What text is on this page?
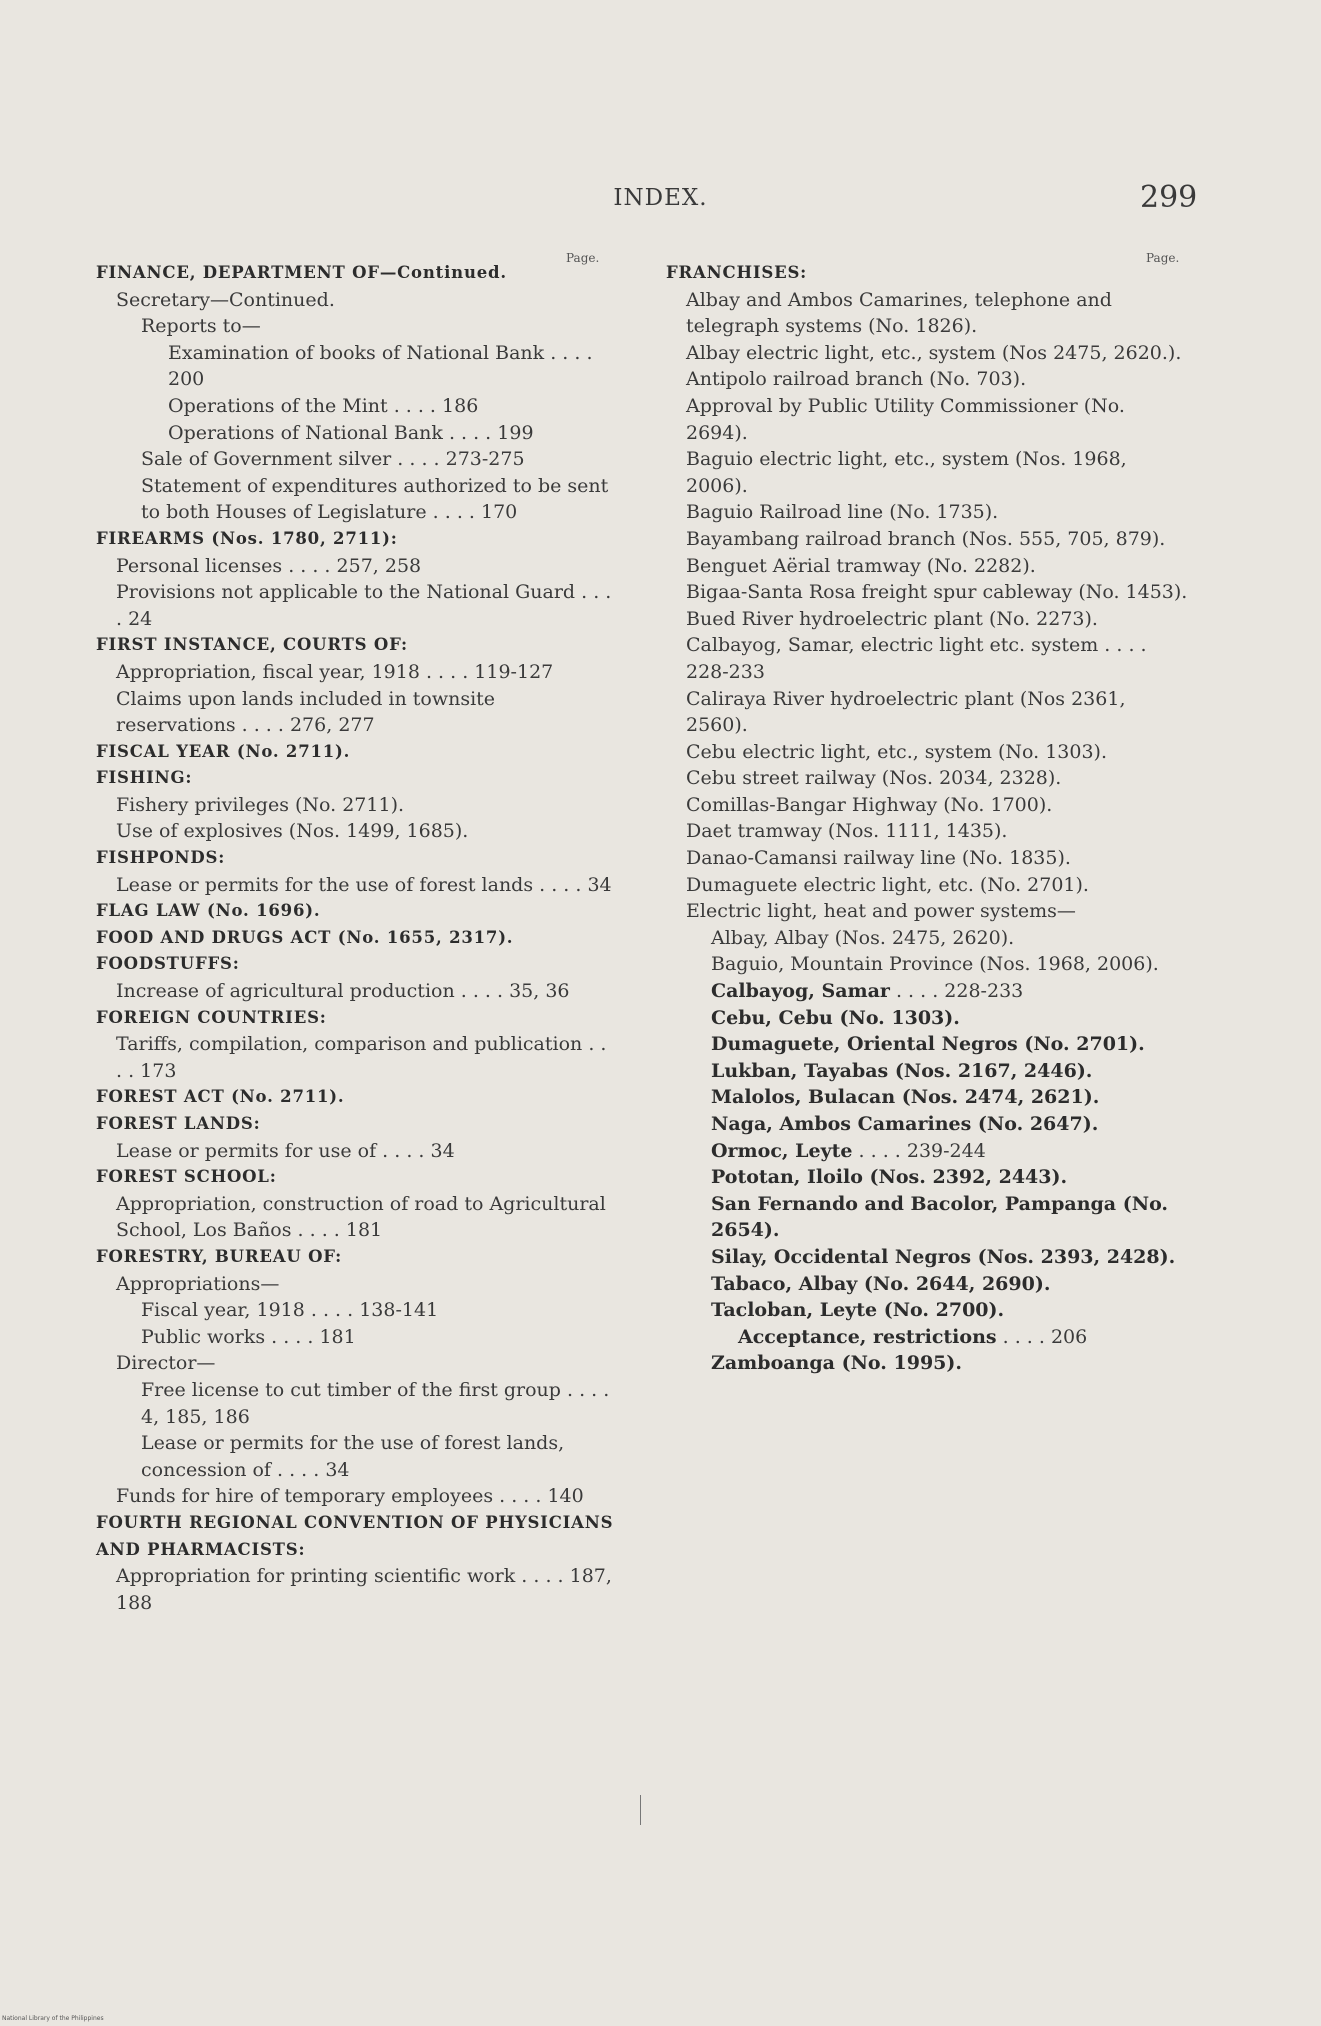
INDEX.	299
Page.
FINANCE, DEPARTMENT OF—Continued.
Secretary—Continued.
Reports to—
Examination of books of National Bank . . . . 200
Operations of the Mint . . . . 186
Operations of National Bank . . . . 199
Sale of Government silver . . . . 273-275
Statement of expenditures authorized to be sent to both Houses of Legislature . . . . 170
FIREARMS (Nos. 1780, 2711):
Personal licenses . . . . 257, 258
Provisions not applicable to the National Guard . . . . 24
FIRST INSTANCE, COURTS OF:
Appropriation, fiscal year, 1918 . . . . 119-127
Claims upon lands included in townsite reservations . . . . 276, 277
FISCAL YEAR (No. 2711).
FISHING:
Fishery privileges (No. 2711).
Use of explosives (Nos. 1499, 1685).
FISHPONDS:
Lease or permits for the use of forest lands . . . . 34
FLAG LAW (No. 1696).
FOOD AND DRUGS ACT (No. 1655, 2317).
FOODSTUFFS:
Increase of agricultural production . . . . 35, 36
FOREIGN COUNTRIES:
Tariffs, compilation, comparison and publication . . . . 173
FOREST ACT (No. 2711).
FOREST LANDS:
Lease or permits for use of . . . . 34
FOREST SCHOOL:
Appropriation, construction of road to Agricultural School, Los Baños . . . . 181
FORESTRY, BUREAU OF:
Appropriations—
Fiscal year, 1918 . . . . 138-141
Public works . . . . 181
Director—
Free license to cut timber of the first group . . . . 4, 185, 186
Lease or permits for the use of forest lands, concession of . . . . 34
Funds for hire of temporary employees . . . . 140
FOURTH REGIONAL CONVENTION OF PHYSICIANS AND PHARMACISTS:
Appropriation for printing scientific work . . . . 187, 188
Page.
FRANCHISES:
Albay and Ambos Camarines, telephone and telegraph systems (No. 1826).
Albay electric light, etc., system (Nos 2475, 2620.).
Antipolo railroad branch (No. 703).
Approval by Public Utility Commissioner (No. 2694).
Baguio electric light, etc., system (Nos. 1968, 2006).
Baguio Railroad line (No. 1735).
Bayambang railroad branch (Nos. 555, 705, 879).
Benguet Aërial tramway (No. 2282).
Bigaa-Santa Rosa freight spur cableway (No. 1453).
Bued River hydroelectric plant (No. 2273).
Calbayog, Samar, electric light etc. system . . . . 228-233
Caliraya River hydroelectric plant (Nos 2361, 2560).
Cebu electric light, etc., system (No. 1303).
Cebu street railway (Nos. 2034, 2328).
Comillas-Bangar Highway (No. 1700).
Daet tramway (Nos. 1111, 1435).
Danao-Camansi railway line (No. 1835).
Dumaguete electric light, etc. (No. 2701).
Electric light, heat and power systems—
Albay, Albay (Nos. 2475, 2620).
Baguio, Mountain Province (Nos. 1968, 2006).
Calbayog, Samar . . . . 228-233
Cebu, Cebu (No. 1303).
Dumaguete, Oriental Negros (No. 2701).
Lukban, Tayabas (Nos. 2167, 2446).
Malolos, Bulacan (Nos. 2474, 2621).
Naga, Ambos Camarines (No. 2647).
Ormoc, Leyte . . . . 239-244
Pototan, Iloilo (Nos. 2392, 2443).
San Fernando and Bacolor, Pampanga (No. 2654).
Silay, Occidental Negros (Nos. 2393, 2428).
Tabaco, Albay (No. 2644, 2690).
Tacloban, Leyte (No. 2700).
Acceptance, restrictions . . . . 206
Zamboanga (No. 1995).
National Library of the Philippines
